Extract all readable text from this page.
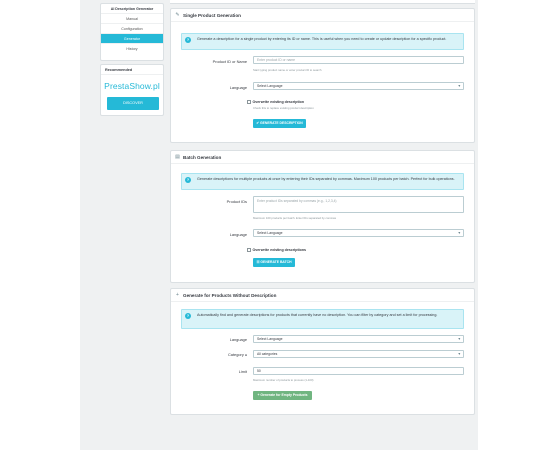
AI Description Generator
Manual
Configuration
Generator
History
Recommended
PrestaShow.pl
DISCOVER
✎ Single Product Generation
?	Generate a description for a single product by entering its ID or name. This is useful when you need to create or update description for a specific product.
Product ID or Name	Enter product ID or name
Start typing product name or enter product ID to search
Language	Select Language	▼
Overwrite existing description
Check this to replace existing product description
✔ GENERATE DESCRIPTION
▤ Batch Generation
?	Generate descriptions for multiple products at once by entering their IDs separated by commas. Maximum 100 products per batch. Perfect for bulk operations.
Product IDs	Enter product IDs separated by commas (e.g., 1,2,3,4)
Maximum 100 products per batch. Enter IDs separated by commas
Language	Select Language	▼
Overwrite existing descriptions
☰ GENERATE BATCH
+ Generate for Products Without Description
?	Automatically find and generate descriptions for products that currently have no description. You can filter by category and set a limit for processing.
Language	Select Language	▼
Category ●	All categories	▼
Limit	50
Maximum number of products to process (1-100)
+ Generate for Empty Products
